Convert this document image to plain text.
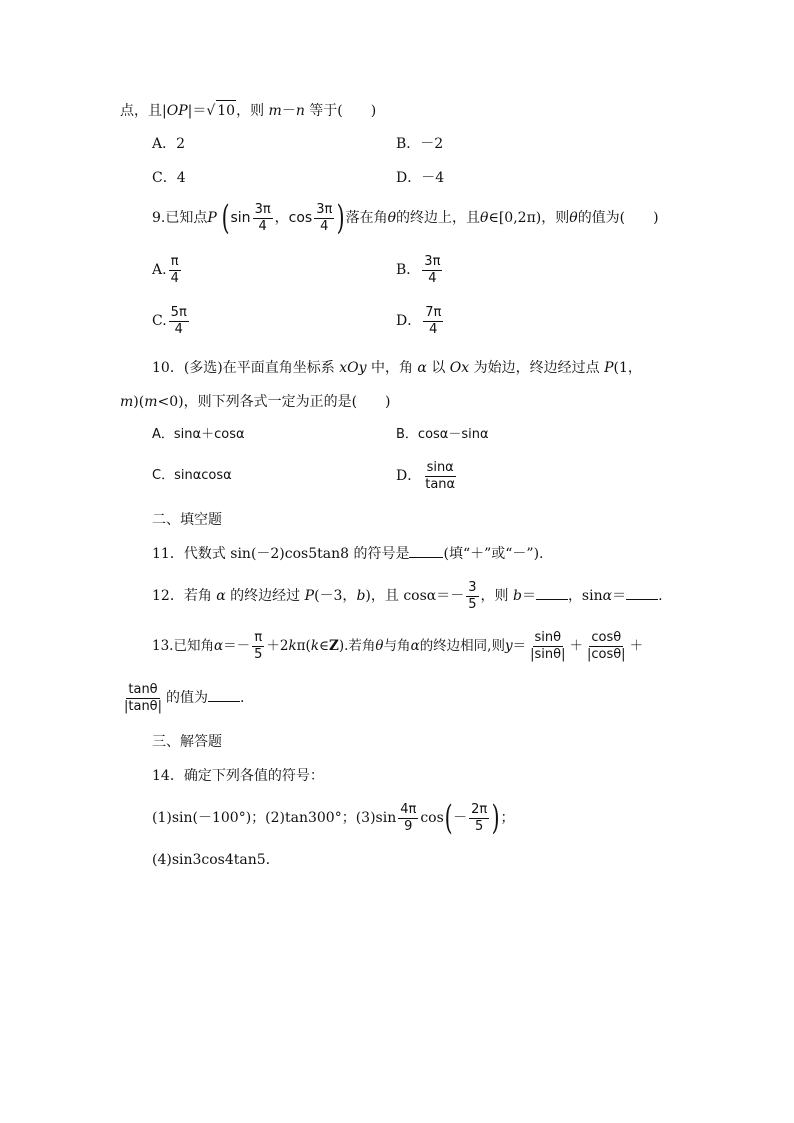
点，且|OP|＝√ 10，则 m－n 等于(　　)
A．2	B．－2
C．4	D．－4
9.已知点P ($\sin \frac{3\pi}{4}$ ，$\cos \frac{3\pi}{4}$ )落在角θ的终边上，且θ∈[0,2π)，则θ的值为(　　)
A. $\frac{\pi}{4}$	B． $\frac{3\pi}{4}$
C. $\frac{5\pi}{4}$	D． $\frac{7\pi}{4}$
10．(多选)在平面直角坐标系 xOy 中，角 α 以 Ox 为始边，终边经过点 P(1，
m)(m<0)，则下列各式一定为正的是(　　)
A．sinα＋cosα	B．cosα－sinα
C．sinαcosα	D． $\frac{\sin\alpha}{\tan\alpha}$
二、填空题
11．代数式 sin(－2)cos5tan8 的符号是 (填“＋”或“－”).
12．若角 α 的终边经过 P(－3，b)，且 $\cos\alpha=- \frac{3}{5}$ ，则 b＝ ，sinα＝ .
13.已知角$\alpha=- \frac{\pi}{5}$ ＋2kπ(k∈Z).若角θ与角α的终边相同,则$y= \frac{\sin\theta}{|\sin\theta|} + \frac{\cos\theta}{|\cos\theta|}$ ＋
$\frac{\tan\theta}{|\tan\theta|}$ 的值为 .
三、解答题
14．确定下列各值的符号：
(1)sin(－100°)；(2)tan300°；$(3)\sin \frac{4\pi}{9} \cos(- \frac{2\pi}{5}$ )；
(4)sin3cos4tan5.
